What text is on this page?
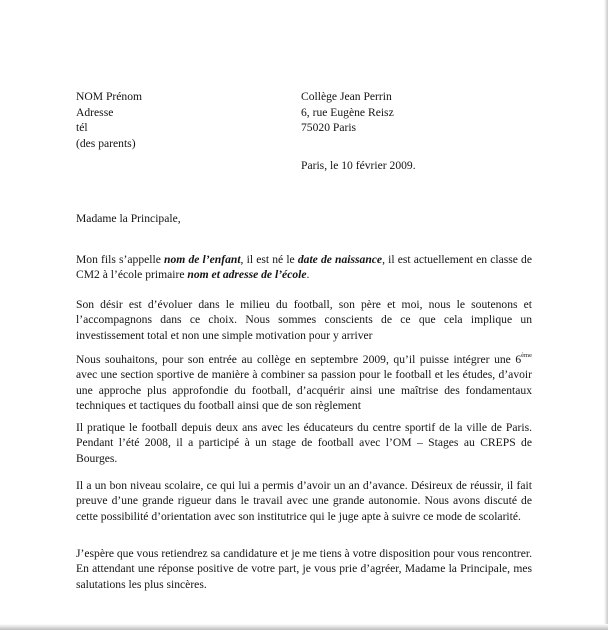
NOM Prénom
Adresse
tél
(des parents)
Collège Jean Perrin
6, rue Eugène Reisz
75020 Paris
Paris, le 10 février 2009.
Madame la Principale,

Mon fils s’appelle nom de l’enfant, il est né le date de naissance, il est actuellement en classe de CM2 à l’école primaire nom et adresse de l’école.

Son désir est d’évoluer dans le milieu du football, son père et moi, nous le soutenons et l’accompagnons dans ce choix. Nous sommes conscients de ce que cela implique un investissement total et non une simple motivation pour y arriver

Nous souhaitons, pour son entrée au collège en septembre 2009, qu’il puisse intégrer une 6ème avec une section sportive de manière à combiner sa passion pour le football et les études, d’avoir une approche plus approfondie du football, d’acquérir ainsi une maîtrise des fondamentaux techniques et tactiques du football ainsi que de son règlement

Il pratique le football depuis deux ans avec les éducateurs du centre sportif de la ville de Paris. Pendant l’été 2008, il a participé à un stage de football avec l’OM – Stages au CREPS de Bourges.

Il a un bon niveau scolaire, ce qui lui a permis d’avoir un an d’avance. Désireux de réussir, il fait preuve d’une grande rigueur dans le travail avec une grande autonomie. Nous avons discuté de cette possibilité d’orientation avec son institutrice qui le juge apte à suivre ce mode de scolarité.

J’espère que vous retiendrez sa candidature et je me tiens à votre disposition pour vous rencontrer. En attendant une réponse positive de votre part, je vous prie d’agréer, Madame la Principale, mes salutations les plus sincères.
